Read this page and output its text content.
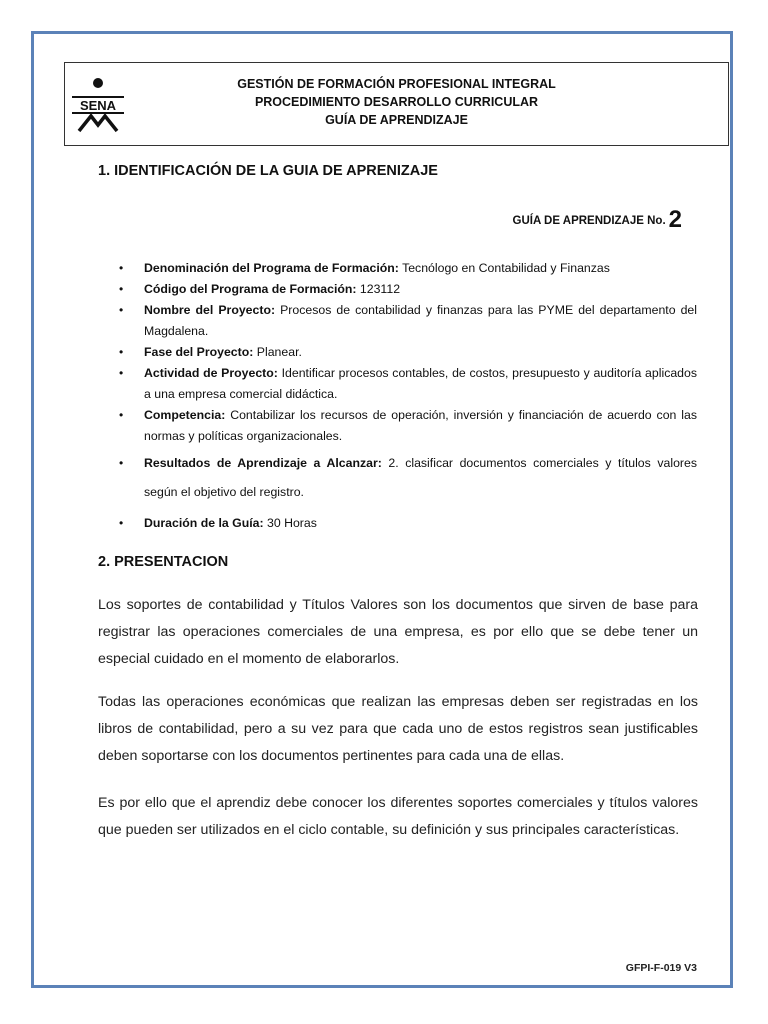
SENA
GESTIÓN DE FORMACIÓN PROFESIONAL INTEGRAL
PROCEDIMIENTO DESARROLLO CURRICULAR
GUÍA DE APRENDIZAJE
1. IDENTIFICACIÓN DE LA GUIA DE APRENIZAJE
GUÍA DE APRENDIZAJE No. 2
• Denominación del Programa de Formación: Tecnólogo en Contabilidad y Finanzas
• Código del Programa de Formación: 123112
• Nombre del Proyecto: Procesos de contabilidad y finanzas para las PYME del departamento del Magdalena.
• Fase del Proyecto: Planear.
• Actividad de Proyecto: Identificar procesos contables, de costos, presupuesto y auditoría aplicados a una empresa comercial didáctica.
• Competencia: Contabilizar los recursos de operación, inversión y financiación de acuerdo con las normas y políticas organizacionales.
• Resultados de Aprendizaje a Alcanzar: 2. clasificar documentos comerciales y títulos valores según el objetivo del registro.
• Duración de la Guía: 30 Horas
2. PRESENTACION

Los soportes de contabilidad y Títulos Valores son los documentos que sirven de base para registrar las operaciones comerciales de una empresa, es por ello que se debe tener un especial cuidado en el momento de elaborarlos.

Todas las operaciones económicas que realizan las empresas deben ser registradas en los libros de contabilidad, pero a su vez para que cada uno de estos registros sean justificables deben soportarse con los documentos pertinentes para cada una de ellas.

Es por ello que el aprendiz debe conocer los diferentes soportes comerciales y títulos valores que pueden ser utilizados en el ciclo contable, su definición y sus principales características.

GFPI-F-019 V3
